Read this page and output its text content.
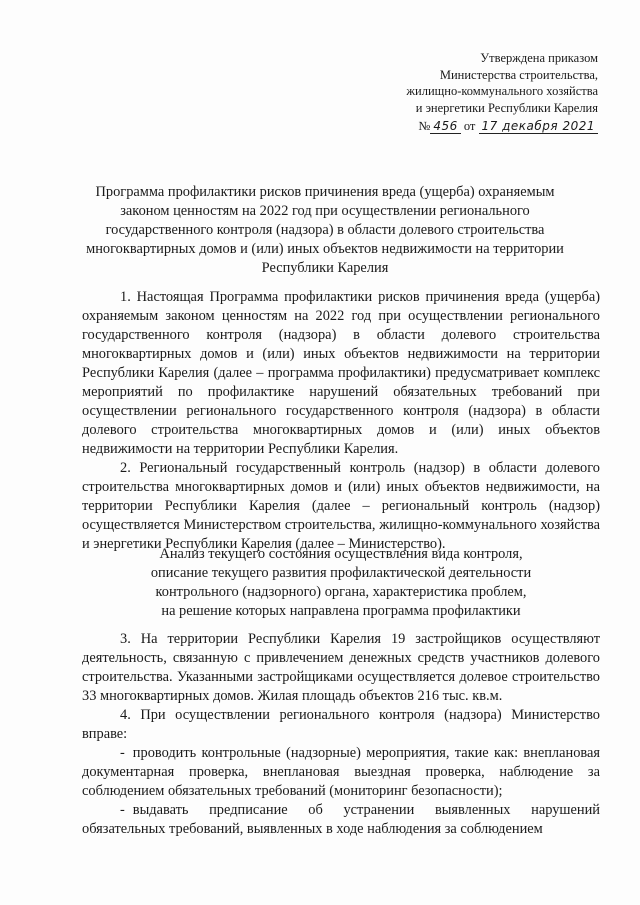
Утверждена приказом
Министерства строительства,
жилищно-коммунального хозяйства
и энергетики Республики Карелия
№ 456 от 17 декабря 2021
Программа профилактики рисков причинения вреда (ущерба) охраняемым законом ценностям на 2022 год при осуществлении регионального государственного контроля (надзора) в области долевого строительства многоквартирных домов и (или) иных объектов недвижимости на территории Республики Карелия

1. Настоящая Программа профилактики рисков причинения вреда (ущерба) охраняемым законом ценностям на 2022 год при осуществлении регионального государственного контроля (надзора) в области долевого строительства многоквартирных домов и (или) иных объектов недвижимости на территории Республики Карелия (далее – программа профилактики) предусматривает комплекс мероприятий по профилактике нарушений обязательных требований при осуществлении регионального государственного контроля (надзора) в области долевого строительства многоквартирных домов и (или) иных объектов недвижимости на территории Республики Карелия.

2. Региональный государственный контроль (надзор) в области долевого строительства многоквартирных домов и (или) иных объектов недвижимости, на территории Республики Карелия (далее – региональный контроль (надзор) осуществляется Министерством строительства, жилищно-коммунального хозяйства и энергетики Республики Карелия (далее – Министерство).

Анализ текущего состояния осуществления вида контроля,
описание текущего развития профилактической деятельности
контрольного (надзорного) органа, характеристика проблем,
на решение которых направлена программа профилактики

3. На территории Республики Карелия 19 застройщиков осуществляют деятельность, связанную с привлечением денежных средств участников долевого строительства. Указанными застройщиками осуществляется долевое строительство 33 многоквартирных домов. Жилая площадь объектов 216 тыс. кв.м.

4. При осуществлении регионального контроля (надзора) Министерство вправе:

- проводить контрольные (надзорные) мероприятия, такие как: внеплановая документарная проверка, внеплановая выездная проверка, наблюдение за соблюдением обязательных требований (мониторинг безопасности);

- выдавать предписание об устранении выявленных нарушений обязательных требований, выявленных в ходе наблюдения за соблюдением
